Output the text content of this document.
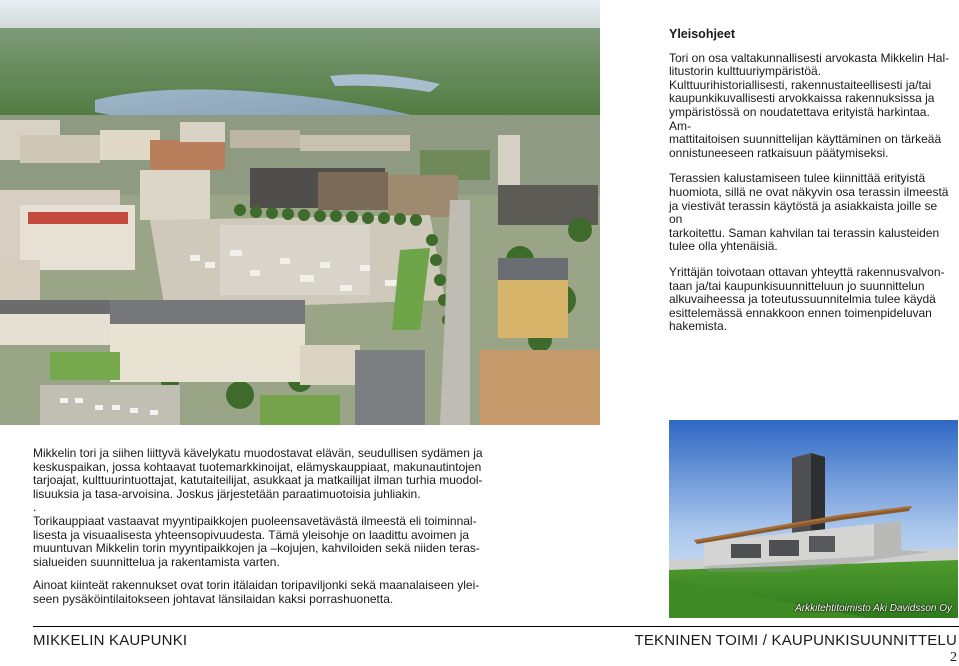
Yleisohjeet

Tori on osa valtakunnallisesti arvokasta Mikkelin Hal-
litustorin kulttuuriympäristöä.
Kulttuurihistoriallisesti, rakennustaiteellisesti ja/tai
kaupunkikuvallisesti arvokkaissa rakennuksissa ja
ympäristössä on noudatettava erityistä harkintaa. Am-
mattitaitoisen suunnittelijan käyttäminen on tärkeää
onnistuneeseen ratkaisuun päätymiseksi.

Terassien kalustamiseen tulee kiinnittää erityistä
huomiota, sillä ne ovat näkyvin osa terassin ilmeestä
ja viestivät terassin käytöstä ja asiakkaista joille se on
tarkoitettu. Saman kahvilan tai terassin kalusteiden
tulee olla yhtenäisiä.

Yrittäjän toivotaan ottavan yhteyttä rakennusvalvon-
taan ja/tai kaupunkisuunnitteluun jo suunnittelun
alkuvaiheessa ja toteutussuunnitelmia tulee käydä
esittelemässä ennakkoon ennen toimenpideluvan
hakemista.

Mikkelin tori ja siihen liittyvä kävelykatu muodostavat elävän, seudullisen sydämen ja
keskuspaikan, jossa kohtaavat tuotemarkkinoijat, elämyskauppiaat, makunautintojen
tarjoajat, kulttuurintuottajat, katutaiteilijat, asukkaat ja matkailijat ilman turhia muodol-
lisuuksia ja tasa-arvoisina. Joskus järjestetään paraatimuotoisia juhliakin.
.

Torikauppiaat vastaavat myyntipaikkojen puoleensavetävästä ilmeestä eli toiminnal-
lisesta ja visuaalisesta yhteensopivuudesta. Tämä yleisohje on laadittu avoimen ja
muuntuvan Mikkelin torin myyntipaikkojen ja –kojujen, kahviloiden sekä niiden teras-
sialueiden suunnittelua ja rakentamista varten.

Ainoat kiinteät rakennukset ovat torin itälaidan toripaviljonki sekä maanalaiseen ylei-
seen pysäköintilaitokseen johtavat länsilaidan kaksi porrashuonetta.

Arkkitehtitoimisto Aki Davidsson Oy
MIKKELIN KAUPUNKI	TEKNINEN TOIMI / KAUPUNKISUUNNITTELU
2
